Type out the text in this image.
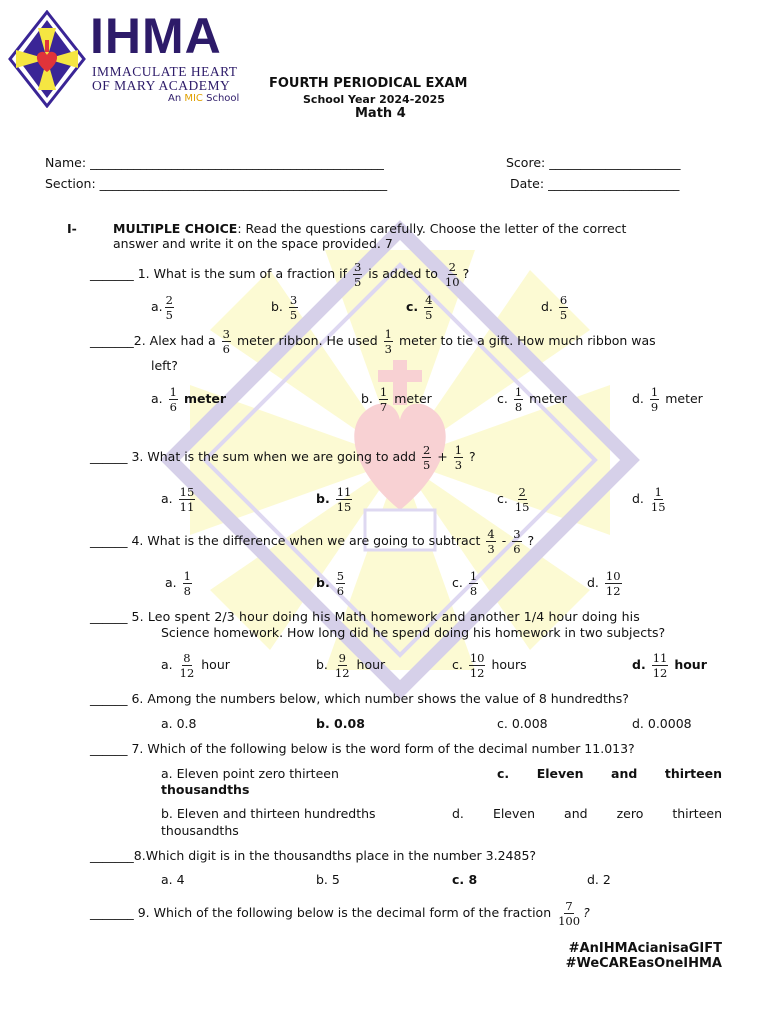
IHMA
IMMACULATE HEART
OF MARY ACADEMY
An MIC School
FOURTH PERIODICAL EXAM
School Year 2024-2025
Math 4
Name: _______________________________________________	Score: _____________________
Section: ______________________________________________	Date: _____________________
I-	MULTIPLE CHOICE: Read the questions carefully. Choose the letter of the correct
answer and write it on the space provided. 7
_______ 1. What is the sum of a fraction if $\frac{3}{5}$ is added to $\frac{2}{10}$ ?
a. $\frac{2}{5}$	b. $\frac{3}{5}$	c. $\frac{4}{5}$	d. $\frac{6}{5}$
_______2. Alex had a $\frac{3}{6}$ meter ribbon. He used $\frac{1}{3}$ meter to tie a gift. How much ribbon was
left?
a. $\frac{1}{6}$ meter	b. $\frac{1}{7}$ meter	c. $\frac{1}{8}$ meter	d. $\frac{1}{9}$ meter
______ 3. What is the sum when we are going to add $\frac{2}{5} + \frac{1}{3}$ ?
a. $\frac{15}{11}$	b. $\frac{11}{15}$	c. $\frac{2}{15}$	d. $\frac{1}{15}$
______ 4. What is the difference when we are going to subtract $\frac{4}{3} - \frac{3}{6}$ ?
a. $\frac{1}{8}$	b. $\frac{5}{6}$	c. $\frac{1}{8}$	d. $\frac{10}{12}$
______ 5. Leo spent 2/3 hour doing his Math homework and another 1/4 hour doing his
Science homework. How long did he spend doing his homework in two subjects?
a. $\frac{8}{12}$ hour	b. $\frac{9}{12}$ hour	c. $\frac{10}{12}$ hours	d. $\frac{11}{12}$ hour
______ 6. Among the numbers below, which number shows the value of 8 hundredths?
a. 0.8	b. 0.08	c. 0.008	d. 0.0008
______ 7. Which of the following below is the word form of the decimal number 11.013?
a. Eleven point zero thirteen	c. Eleven and thirteen
thousandths
b. Eleven and thirteen hundredths	d. Eleven and zero thirteen
thousandths
_______8.Which digit is in the thousandths place in the number 3.2485?
a. 4	b. 5	c. 8	d. 2
_______ 9. Which of the following below is the decimal form of the fraction $\frac{7}{100}$ ?
#AnIHMAcianisaGIFT
#WeCAREasOneIHMA
